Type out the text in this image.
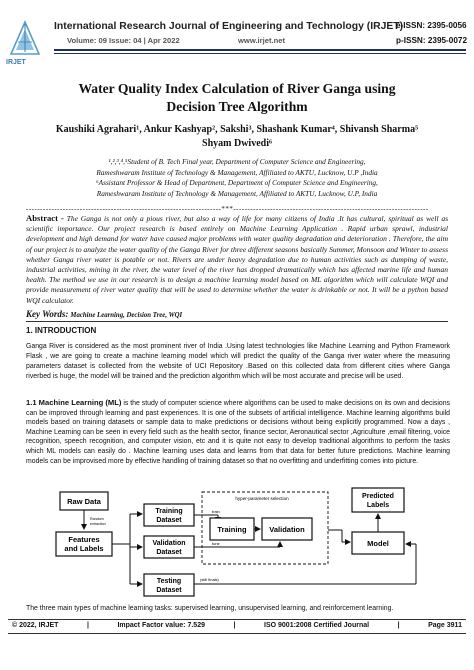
IRJET
International Research Journal of Engineering and Technology (IRJET)
e-ISSN: 2395-0056
Volume: 09 Issue: 04 | Apr 2022	www.irjet.net	p-ISSN: 2395-0072
Water Quality Index Calculation of River Ganga using
Decision Tree Algorithm
Kaushiki Agrahari¹, Ankur Kashyap², Sakshi³, Shashank Kumar⁴, Shivansh Sharma⁵
Shyam Dwivedi⁶
¹,²,³,⁴,⁵Student of B. Tech Final year, Department of Computer Science and Engineering,
Rameshwaram Institute of Technology & Management, Affiliated to AKTU, Lucknow, U.P ,India
⁶Assistant Professor & Head of Department, Department of Computer Science and Engineering,
Rameshwaram Institute of Technology & Management, Affiliated to AKTU, Lucknow, U.P, India
---------------------------------------------------------------------***---------------------------------------------------------------------
Abstract - The Ganga is not only a pious river, but also a way of life for many citizens of India .It has cultural, spiritual as well as scientific importance. Our project research is based entirely on Machine Learning Application . Rapid urban sprawl, industrial development and high demand for water have caused major problems with water quality degradation and deterioration . Therefore, the aim of our project is to analyze the water quality of the Ganga River for three different seasons basically Summer, Monsoon and Winter to assess whether Ganga river water is potable or not. Rivers are under heavy degradation due to human activities such as dumping of waste, industrial activities, mining in the river, the water level of the river has dropped dramatically which has affected marine life and human health. The method we use in our research is to design a machine learning model based on ML algorithm which will calculate WQI and provide measurement of river water quality that will be used to determine whether the water is drinkable or not. It will be a python based WQI calculator.
Key Words: Machine Learning, Decision Tree, WQI
1. INTRODUCTION
Ganga River is considered as the most prominent river of India .Using latest technologies like Machine Learning and Python Framework Flask , we are going to create a machine learning model which will predict the quality of the Ganga river water where the measuring parameters dataset is collected from the website of UCI Repository .Based on this collected data from different cities where Ganga riverbed is huge, the model will be trained and the prediction algorithm which will be most accurate and precise will be used.
1.1 Machine Learning (ML) is the study of computer science where algorithms can be used to make decisions on its own and decisions can be improved through learning and past experiences. It is one of the subsets of artificial intelligence. Machine learning algorithms build models based on training datasets or sample data to make predictions or decisions without being explicitly programmed. Now a days , Machine Learning can be seen in every field such as the health sector, finance sector, Aeronautical sector ,Agriculture ,email filtering, voice recognition, speech recognition, and computer vision, etc and it is quite not easy to develop traditional algorithms to perform the tasks which ML models can easily do . Machine learning uses data and learns from that data for better future predictions. Machine learning models can be improvised more by effective handling of training dataset so that no overfitting and underfitting comes into picture.
Raw Data
Random
extraction
Features
and Labels
Training
Dataset
Validation
Dataset
Testing
Dataset
hyper-parameter selection
train
tune
Training	Validation
Model
Predicted
Labels
(still finals)
The three main types of machine learning tasks: supervised learning, unsupervised learning, and reinforcement learning.
© 2022, IRJET	|	Impact Factor value: 7.529	|	ISO 9001:2008 Certified Journal	|	Page 3911
